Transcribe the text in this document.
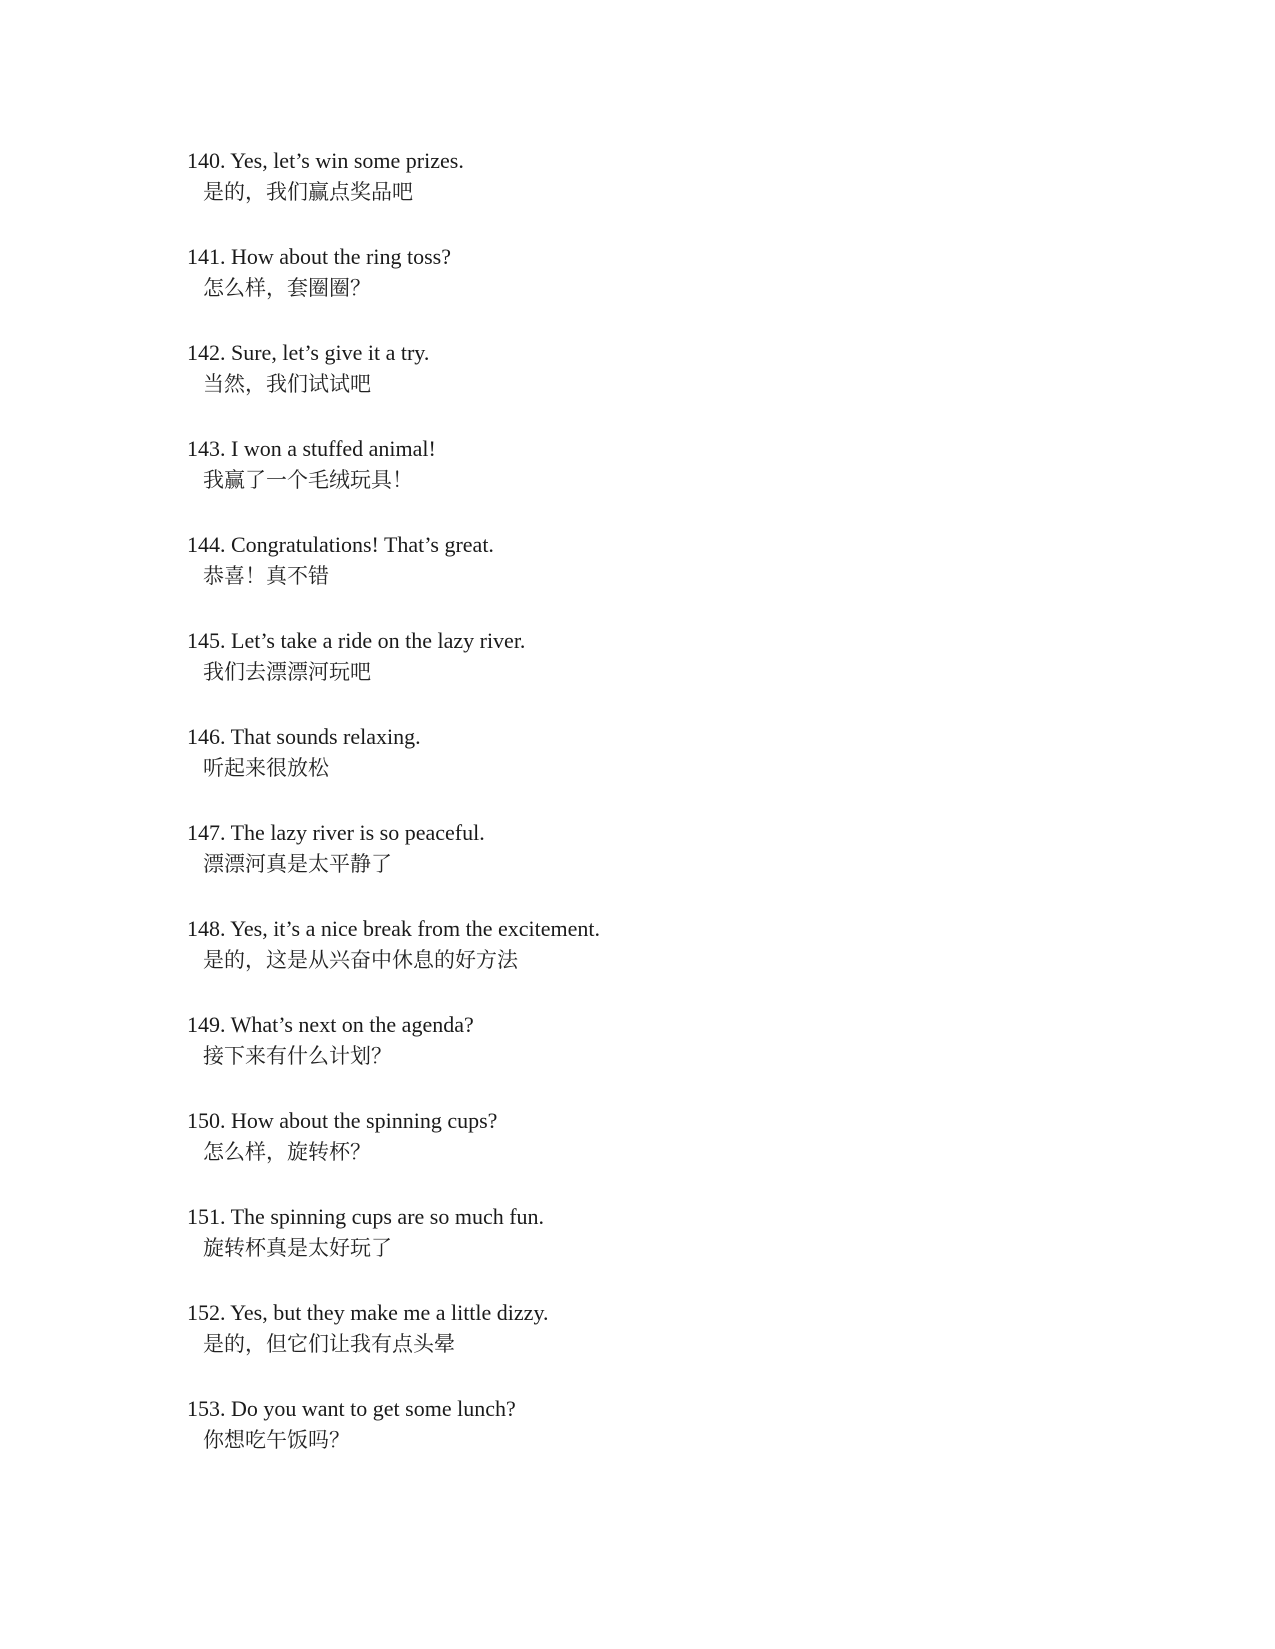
140 . Yes, let’s win some prizes.
是的，我们赢点奖品吧
141 . How about the ring toss?
怎么样，套圈圈？
142 . Sure, let’s give it a try.
当然，我们试试吧
143 . I won a stuffed animal!
我赢了一个毛绒玩具！
144 . Congratulations! That’s great.
恭喜！真不错
145 . Let’s take a ride on the lazy river.
我们去漂漂河玩吧
146 . That sounds relaxing.
听起来很放松
147 . The lazy river is so peaceful.
漂漂河真是太平静了
148 . Yes, it’s a nice break from the excitement.
是的，这是从兴奋中休息的好方法
149 . What’s next on the agenda?
接下来有什么计划？
150 . How about the spinning cups?
怎么样，旋转杯？
151 . The spinning cups are so much fun.
旋转杯真是太好玩了
152 . Yes, but they make me a little dizzy.
是的，但它们让我有点头晕
153 . Do you want to get some lunch?
你想吃午饭吗？
